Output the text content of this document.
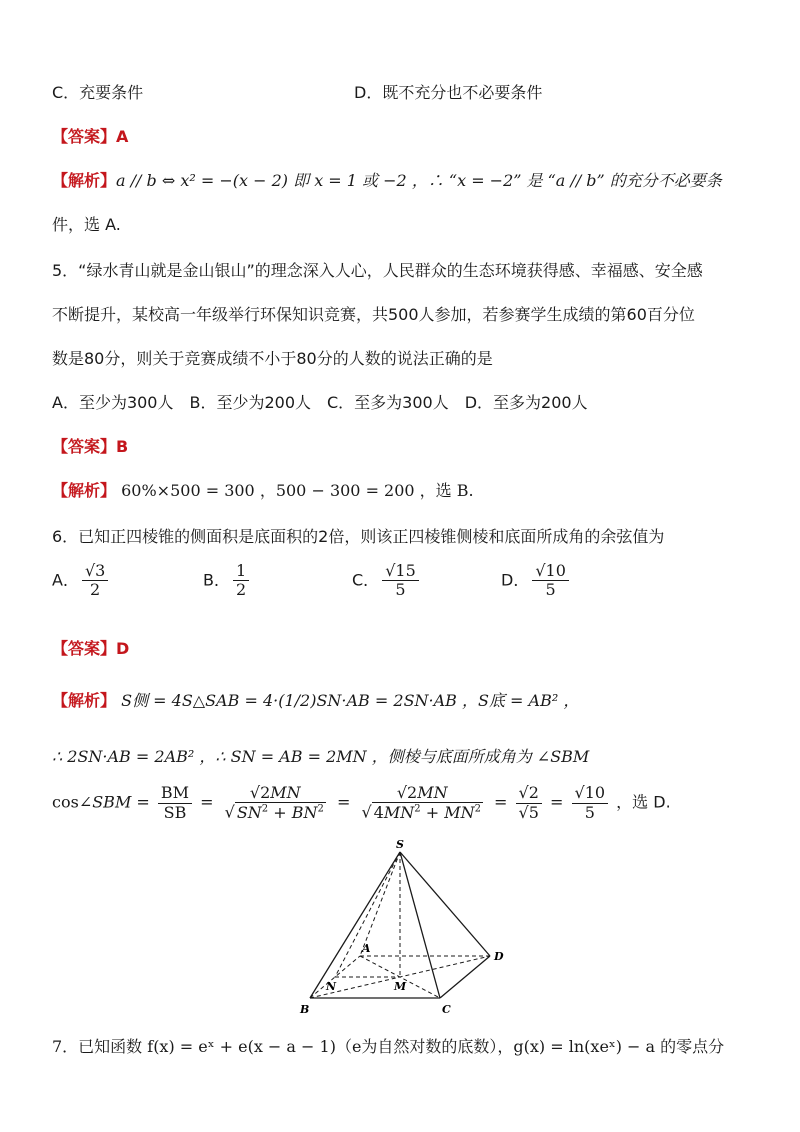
C．充要条件	D．既不充分也不必要条件
【答案】A
【解析】a // b ⇔ x² = −(x − 2) 即 x = 1 或 −2 ，∴ “x = −2” 是 “a // b” 的充分不必要条
件，选 A.
5．“绿水青山就是金山银山”的理念深入人心，人民群众的生态环境获得感、幸福感、安全感
不断提升，某校高一年级举行环保知识竞赛，共500人参加，若参赛学生成绩的第60百分位
数是80分，则关于竞赛成绩不小于80分的人数的说法正确的是
A．至少为300人　B．至少为200人　C．至多为300人　D．至多为200人
【答案】B
【解析】 60%×500 = 300 ，500 − 300 = 200 ，选 B.
6．已知正四棱锥的侧面积是底面积的2倍，则该正四棱锥侧棱和底面所成角的余弦值为
A． $\frac{√3}{2}$	B． $\frac{1}{2}$	C． $\frac{√15}{5}$	D． $\frac{√10}{5}$
【答案】D
【解析】 S侧 = 4S△SAB = 4·(1/2)SN·AB = 2SN·AB ，S底 = AB² ，
∴ 2SN·AB = 2AB² ，∴ SN = AB = 2MN ，侧棱与底面所成角为 ∠SBM
cos∠SBM = $\frac{BM}{SB} = \frac{√2MN}{√ SN^2 + BN^2} = \frac{√2MN}{√ 4MN^2 + MN^2} = \frac{√2}{√5} = \frac{√10}{5}$ ，选 D.
S
A
B	C
D
N	M
7．已知函数 f(x) = eˣ + e(x − a − 1)（e为自然对数的底数），g(x) = ln(xeˣ) − a 的零点分
